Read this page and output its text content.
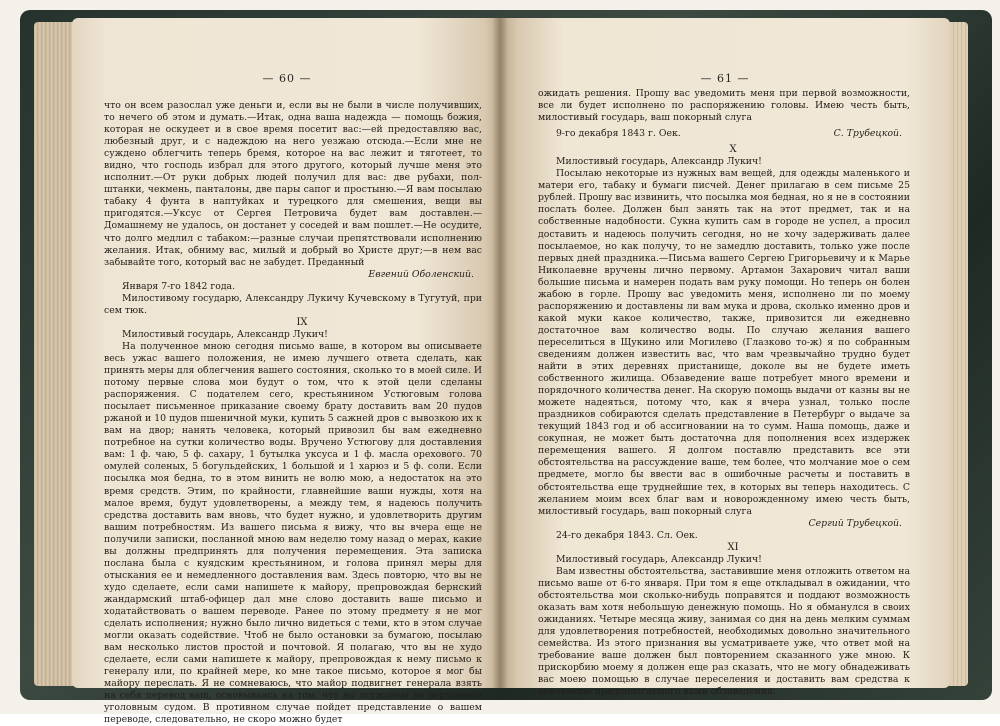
— 60 —

что он всем разослал уже деньги и, если вы не были в числе получивших, то нечего об этом и думать.—Итак, одна ваша надежда — помощь божия, которая не оскудеет и в свое время посетит вас:—ей предоставляю вас, любезный друг, и с надеждою на него уезжаю отсюда.—Если мне не суждено облегчить теперь бремя, которое на вас лежит и тяготеет, то видно, что господь избрал для этого другого, который лучше меня это исполнит.—От руки добрых людей получил для вас: две рубахи, пол-штанки, чекмень, панталоны, две пары сапог и простыню.—Я вам посылаю табаку 4 фунта в наптуйках и турецкого для смешения, вещи вы пригодятся.—Уксус от Сергея Петровича будет вам доставлен.—Домашнему не удалось, он достанет у соседей и вам пошлет.—Не осудите, что долго медлил с табаком:—разные случаи препятствовали исполнению желания. Итак, обниму вас, милый и добрый во Христе друг;—в нем вас забывайте того, который вас не забудет. Преданный

Евгений Оболенский.

Января 7-го 1842 года.

Милостивому государю, Александру Лукичу Кучевскому в Тугутуй, при сем тюк.

IX

Милостивый государь, Александр Лукич!

На полученное мною сегодня письмо ваше, в котором вы описываете весь ужас вашего положения, не имею лучшего ответа сделать, как принять меры для облегчения вашего состояния, сколько то в моей силе. И потому первые слова мои будут о том, что к этой цели сделаны распоряжения. С подателем сего, крестьянином Устюговым голова посылает письменное приказание своему брату доставить вам 20 пудов ржаной и 10 пудов пшеничной муки, купить 5 сажней дров с вывозкою их к вам на двор; нанять человека, который привозил бы вам ежедневно потребное на сутки количество воды. Вручено Устюгову для доставления вам: 1 ф. чаю, 5 ф. сахару, 1 бутылка уксуса и 1 ф. масла орехового. 70 омулей соленых, 5 богульдейских, 1 большой и 1 харюз и 5 ф. соли. Если посылка моя бедна, то в этом винить не волю мою, а недостаток на это время средств. Этим, по крайности, главнейшие ваши нужды, хотя на малое время, будут удовлетворены, а между тем, я надеюсь получить средства доставить вам вновь, что будет нужно, и удовлетворить другим вашим потребностям. Из вашего письма я вижу, что вы вчера еще не получили записки, посланной мною вам неделю тому назад о мерах, какие вы должны предпринять для получения перемещения. Эта записка послана была с куядским крестьянином, и голова принял меры для отыскания ее и немедленного доставления вам. Здесь повторю, что вы не худо сделаете, если сами напишете к майору, препровождая бернский жандармский штаб-офицер дал мне слово доставить ваше письмо и ходатайствовать о вашем переводе. Ранее по этому предмету я не мог сделать исполнения; нужно было лично видеться с теми, кто в этом случае могли оказать содействие. Чтоб не было остановки за бумагою, посылаю вам несколько листов простой и почтовой. Я полагаю, что вы не худо сделаете, если сами напишете к майору, препровождая к нему письмо к генералу или, по крайней мере, ко мне такое письмо, которое я мог бы майору переслать. Я не сомневаюсь, что майор подвигнет генерала взять на себя перевод ваш, основываясь на том, что вы осуждены не верховным уголовным судом. В противном случае пойдет представление о вашем переводе, следовательно, не скоро можно будет

— 61 —

ожидать решения. Прошу вас уведомить меня при первой возможности, все ли будет исполнено по распоряжению головы. Имею честь быть, милостивый государь, ваш покорный слуга

9-го декабря 1843 г. Оек.	С. Трубецкой.

X

Милостивый государь, Александр Лукич!

Посылаю некоторые из нужных вам вещей, для одежды маленького и матери его, табаку и бумаги писчей. Денег прилагаю в сем письме 25 рублей. Прошу вас извинить, что посылка моя бедная, но я не в состоянии послать более. Должен был занять так на этот предмет, так и на собственные надобности. Сукна купить сам в городе не успел, а просил доставить и надеюсь получить сегодня, но не хочу задерживать далее посылаемое, но как получу, то не замедлю доставить, только уже после первых дней праздника.—Письма вашего Сергею Григорьевичу и к Марье Николаевне вручены лично первому. Артамон Захарович читал ваши большие письма и намерен подать вам руку помощи. Но теперь он болен жабою в горле. Прошу вас уведомить меня, исполнено ли по моему распоряжению и доставлены ли вам мука и дрова, сколько именно дров и какой муки какое количество, также, привозится ли ежедневно достаточное вам количество воды. По случаю желания вашего переселиться в Щукино или Могилево (Глазково то-ж) я по собранным сведениям должен известить вас, что вам чрезвычайно трудно будет найти в этих деревнях пристанище, доколе вы не будете иметь собственного жилища. Обзаведение ваше потребует много времени и порядочного количества денег. На скорую помощь выдачи от казны вы не можете надеяться, потому что, как я вчера узнал, только после праздников собираются сделать представление в Петербург о выдаче за текущий 1843 год и об ассигновании на то сумм. Наша помощь, даже и сокупная, не может быть достаточна для пополнения всех издержек перемещения вашего. Я долгом поставлю представить все эти обстоятельства на рассуждение ваше, тем более, что молчание мое о сем предмете, могло бы ввести вас в ошибочные расчеты и поставить в обстоятельства еще труднейшие тех, в которых вы теперь находитесь. С желанием моим всех благ вам и новорожденному имею честь быть, милостивый государь, ваш покорный слуга

Сергий Трубецкой.

24-го декабря 1843. Сл. Оек.

XI

Милостивый государь, Александр Лукич!

Вам известны обстоятельства, заставившие меня отложить ответом на письмо ваше от 6-го января. При том я еще откладывал в ожидании, что обстоятельства мои сколько-нибудь поправятся и поддают возможность оказать вам хотя небольшую денежную помощь. Но я обманулся в своих ожиданиях. Четыре месяца живу, занимая со дня на день мелким суммам для удовлетворения потребностей, необходимых довольно значительного семейства. Из этого признания вы усматриваете уже, что ответ мой на требование ваше должен был повторением сказанного уже мною. К прискорбию моему я должен еще раз сказать, что не могу обнадеживать вас моею помощью в случае переселения и доставить вам средства к основанию предполагаемого вами обзаведения.
